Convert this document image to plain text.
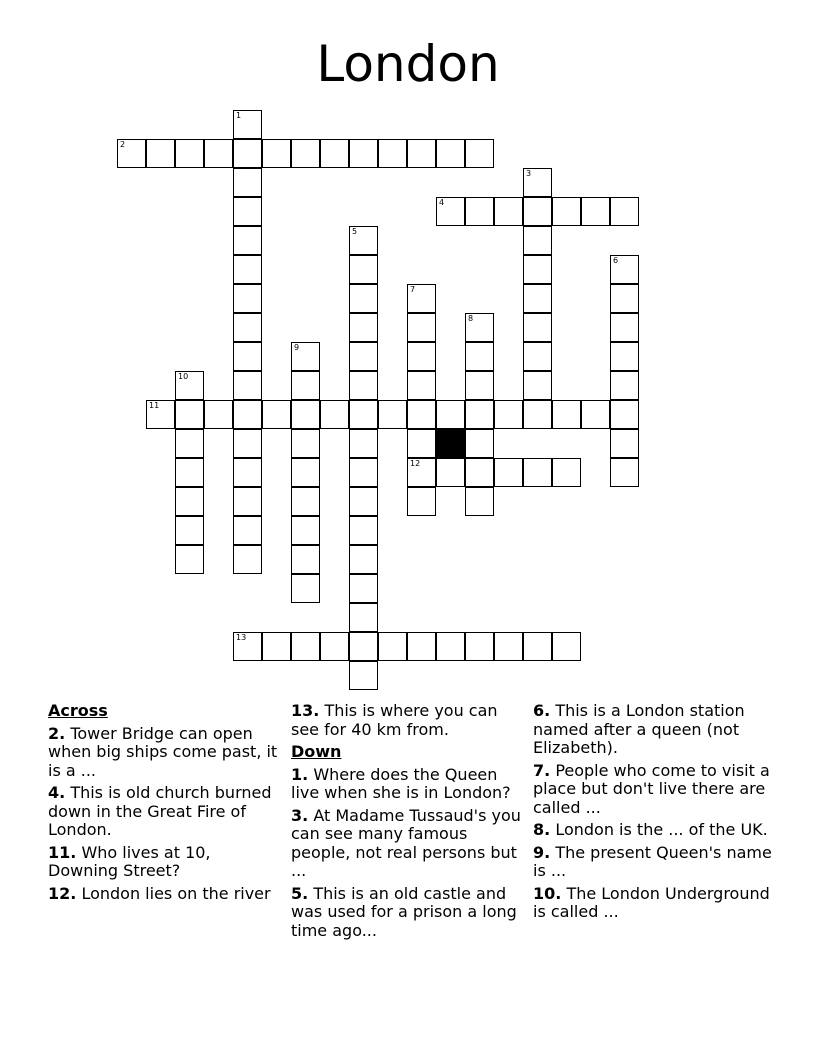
London
1
2
3
4
5
6
7
12
8
9
10
11
13
Across
2. Tower Bridge can open when big ships come past, it is a ...
4. This is old church burned down in the Great Fire of London.
11. Who lives at 10, Downing Street?
12. London lies on the river
13. This is where you can see for 40 km from.
Down
1. Where does the Queen live when she is in London?
3. At Madame Tussaud's you can see many famous people, not real persons but ...
5. This is an old castle and was used for a prison a long time ago...
6. This is a London station named after a queen (not Elizabeth).
7. People who come to visit a place but don't live there are called ...
8. London is the ... of the UK.
9. The present Queen's name is ...
10. The London Underground is called ...
